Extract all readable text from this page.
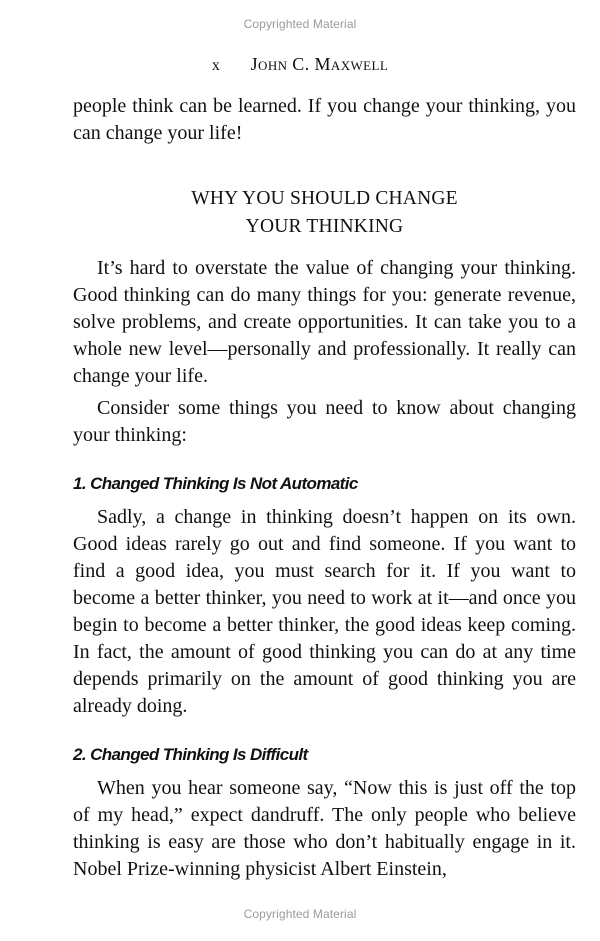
Copyrighted Material
x John C. Maxwell

people think can be learned. If you change your thinking, you can change your life!

WHY YOU SHOULD CHANGE
YOUR THINKING

It’s hard to overstate the value of changing your thinking. Good thinking can do many things for you: generate revenue, solve problems, and create opportunities. It can take you to a whole new level—personally and professionally. It really can change your life.

Consider some things you need to know about changing your thinking:

1. Changed Thinking Is Not Automatic

Sadly, a change in thinking doesn’t happen on its own. Good ideas rarely go out and find someone. If you want to find a good idea, you must search for it. If you want to become a better thinker, you need to work at it—and once you begin to become a better thinker, the good ideas keep coming. In fact, the amount of good thinking you can do at any time depends primarily on the amount of good thinking you are already doing.

2. Changed Thinking Is Difficult

When you hear someone say, “Now this is just off the top of my head,” expect dandruff. The only people who believe thinking is easy are those who don’t habitually engage in it. Nobel Prize-winning physicist Albert Einstein,

Copyrighted Material
